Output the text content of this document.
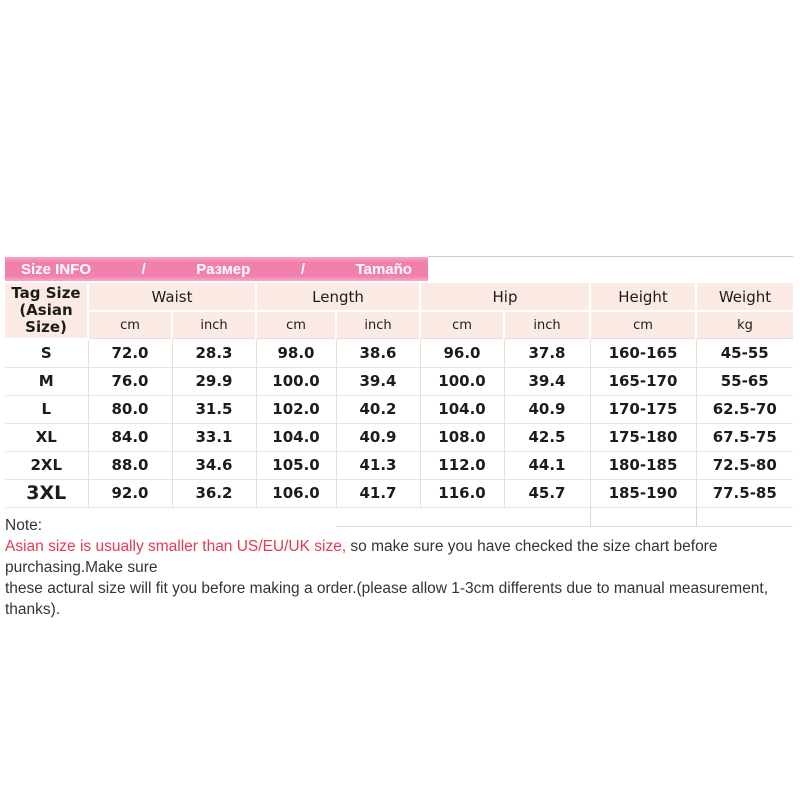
Size INFO	/	Размер	/	Tamaño
Tag Size
(Asian Size)	Waist		Length		Hip		Height	Weight
	cm	inch	cm	inch	cm	inch	cm	kg
S	72.0	28.3	98.0	38.6	96.0	37.8	160-165	45-55
M	76.0	29.9	100.0	39.4	100.0	39.4	165-170	55-65
L	80.0	31.5	102.0	40.2	104.0	40.9	170-175	62.5-70
XL	84.0	33.1	104.0	40.9	108.0	42.5	175-180	67.5-75
2XL	88.0	34.6	105.0	41.3	112.0	44.1	180-185	72.5-80
3XL	92.0	36.2	106.0	41.7	116.0	45.7	185-190	77.5-85

Note:
Asian size is usually smaller than US/EU/UK size, so make sure you have checked the size chart before purchasing.Make sure
these actural size will fit you before making a order.(please allow 1-3cm differents due to manual measurement, thanks).
